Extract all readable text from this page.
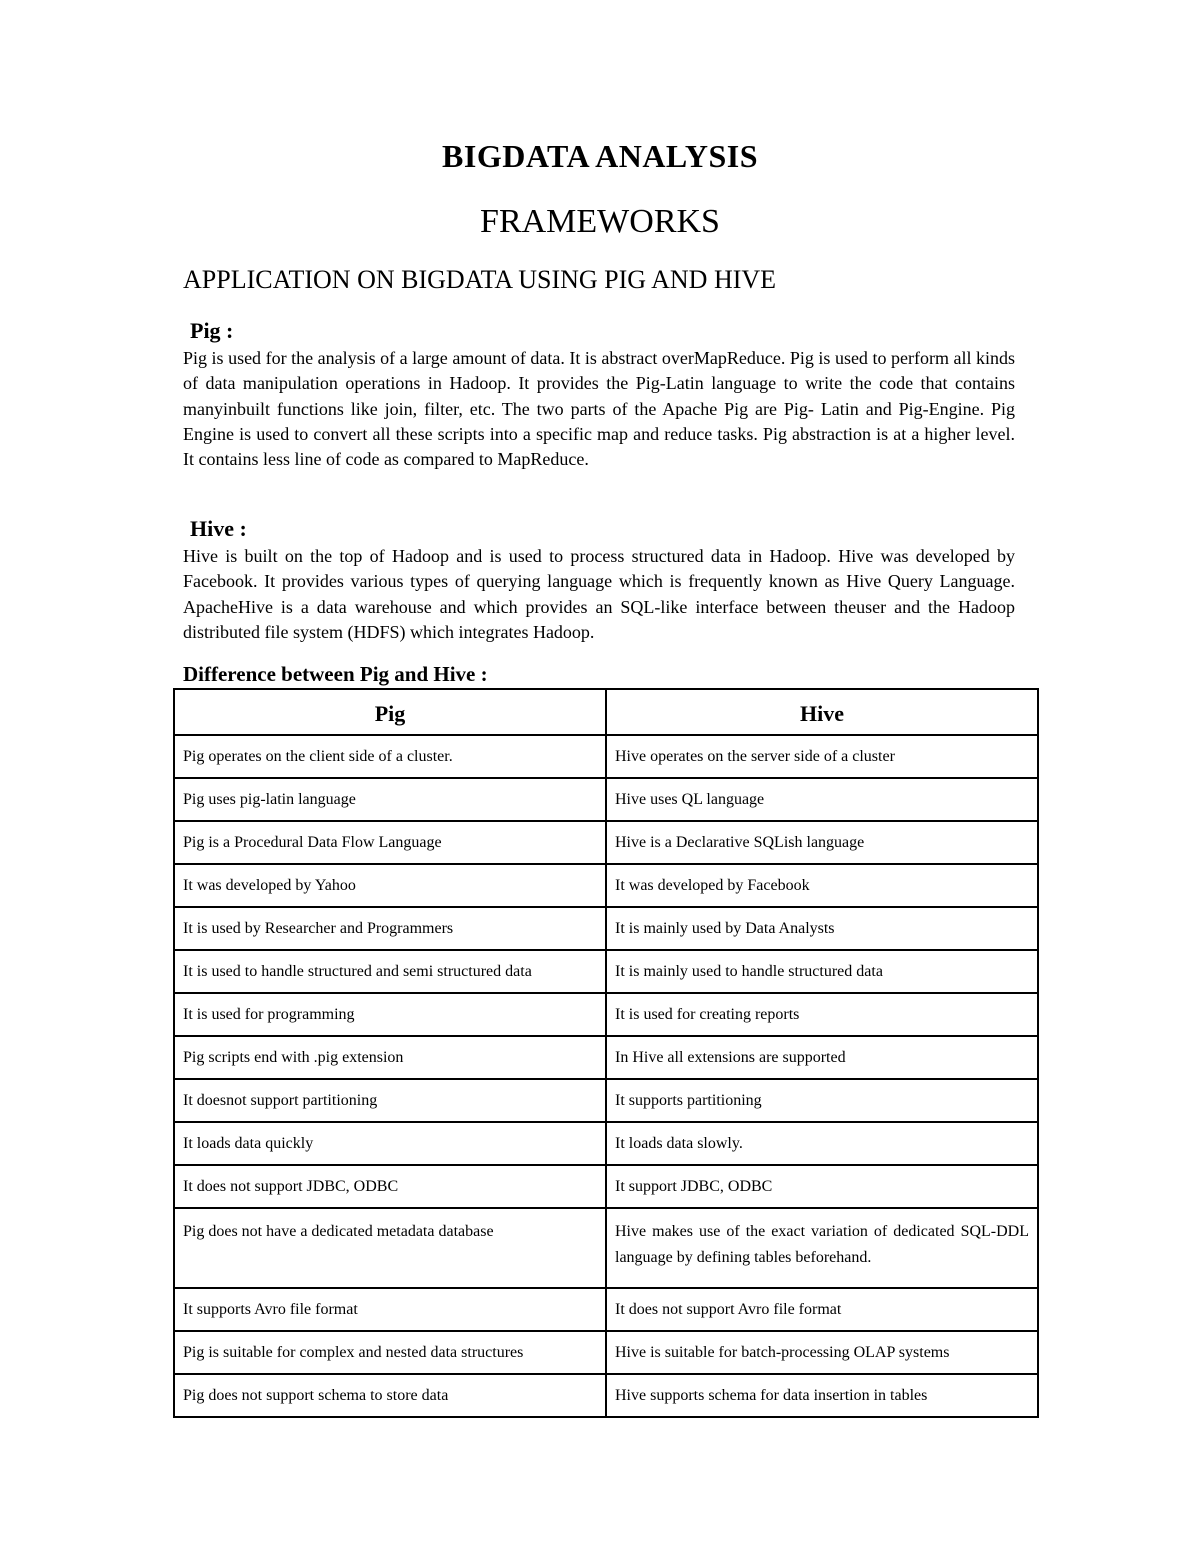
BIGDATA ANALYSIS
FRAMEWORKS
APPLICATION ON BIGDATA USING PIG AND HIVE
Pig :
Pig is used for the analysis of a large amount of data. It is abstract overMapReduce. Pig is used to perform all kinds of data manipulation operations in Hadoop. It provides the Pig-Latin language to write the code that contains manyinbuilt functions like join, filter, etc. The two parts of the Apache Pig are Pig- Latin and Pig-Engine. Pig Engine is used to convert all these scripts into a specific map and reduce tasks. Pig abstraction is at a higher level. It contains less line of code as compared to MapReduce.
Hive :
Hive is built on the top of Hadoop and is used to process structured data in Hadoop. Hive was developed by Facebook. It provides various types of querying language which is frequently known as Hive Query Language. ApacheHive is a data warehouse and which provides an SQL-like interface between theuser and the Hadoop distributed file system (HDFS) which integrates Hadoop.
Difference between Pig and Hive :
Pig	Hive
Pig operates on the client side of a cluster.	Hive operates on the server side of a cluster
Pig uses pig-latin language	Hive uses QL language
Pig is a Procedural Data Flow Language	Hive is a Declarative SQLish language
It was developed by Yahoo	It was developed by Facebook
It is used by Researcher and Programmers	It is mainly used by Data Analysts
It is used to handle structured and semi structured data	It is mainly used to handle structured data
It is used for programming	It is used for creating reports
Pig scripts end with .pig extension	In Hive all extensions are supported
It doesnot support partitioning	It supports partitioning
It loads data quickly	It loads data slowly.
It does not support JDBC, ODBC	It support JDBC, ODBC
Pig does not have a dedicated metadata database	Hive makes use of the exact variation of dedicated SQL-DDL language by defining tables beforehand.
It supports Avro file format	It does not support Avro file format
Pig is suitable for complex and nested data structures	Hive is suitable for batch-processing OLAP systems
Pig does not support schema to store data	Hive supports schema for data insertion in tables
